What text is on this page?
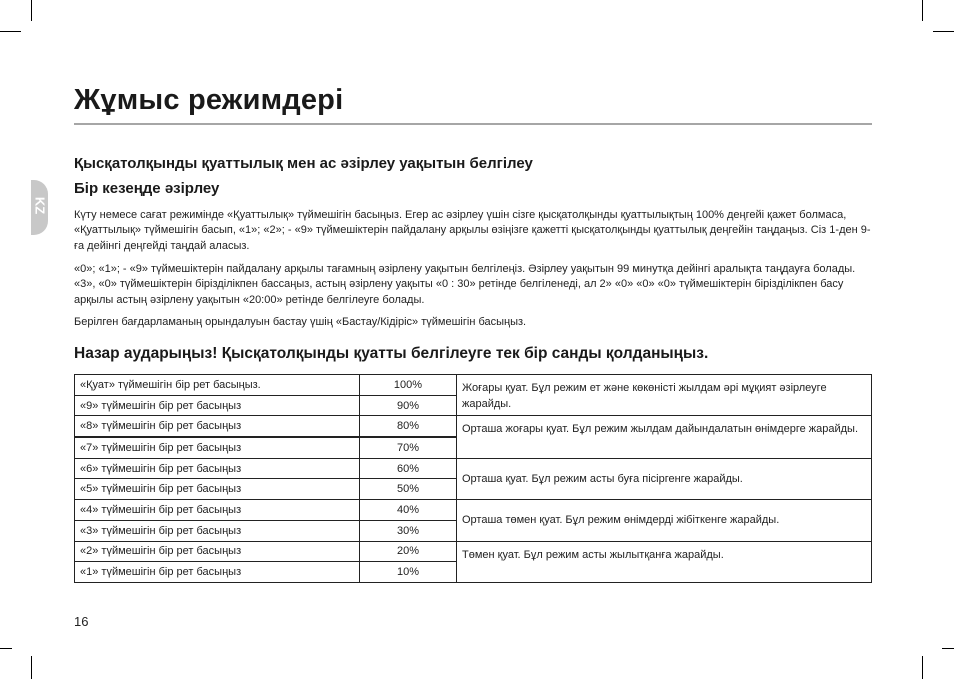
Жұмыс режимдері
KZ
Қысқатолқынды қуаттылық мен ас әзірлеу уақытын белгілеу
Бір кезеңде әзірлеу

Күту немесе сағат режимінде «Қуаттылық» түймешігін басыңыз. Егер ас әзірлеу үшін сізге қысқатолқынды қуаттылықтың 100% деңгейі қажет болмаса, «Қуаттылық» түймешігін басып, «1»; «2»; - «9» түймешіктерін пайдалану арқылы өзіңізге қажетті қысқатолқынды қуаттылық деңгейін таңдаңыз. Сіз 1-ден 9-ға дейінгі деңгейді таңдай аласыз.

«0»; «1»; - «9» түймешіктерін пайдалану арқылы тағамның әзірлену уақытын белгілеңіз. Әзірлеу уақытын 99 минутқа дейінгі аралықта таңдауға болады. «3», «0» түймешіктерін бірізділікпен бассаңыз, астың әзірлену уақыты «0 : 30» ретінде белгіленеді, ал 2» «0» «0» «0» түймешіктерін бірізділікпен басу арқылы астың әзірлену уақытын «20:00» ретінде белгілеуге болады.

Берілген бағдарламаның орындалуын бастау үшің «Бастау/Кідіріс» түймешігін басыңыз.

Назар аударыңыз! Қысқатолқынды қуатты белгілеуге тек бір санды қолданыңыз.
«Қуат» түймешігін бір рет басыңыз.	100%	Жоғары қуат. Бұл режим ет және көкөністі жылдам әрі мұқият әзірлеуге жарайды.
«9» түймешігін бір рет басыңыз	90%	
«8» түймешігін бір рет басыңыз	80%	Орташа жоғары қуат. Бұл режим жылдам дайындалатын өнімдерге жарайды.
«7» түймешігін бір рет басыңыз	70%	
«6» түймешігін бір рет басыңыз	60%	Орташа қуат. Бұл режим асты буға пісіргенге жарайды.
«5» түймешігін бір рет басыңыз	50%	
«4» түймешігін бір рет басыңыз	40%	Орташа төмен қуат. Бұл режим өнімдерді жібіткенге жарайды.
«3» түймешігін бір рет басыңыз	30%	
«2» түймешігін бір рет басыңыз	20%	Төмен қуат. Бұл режим асты жылытқанға жарайды.
«1» түймешігін бір рет басыңыз	10%	
16
